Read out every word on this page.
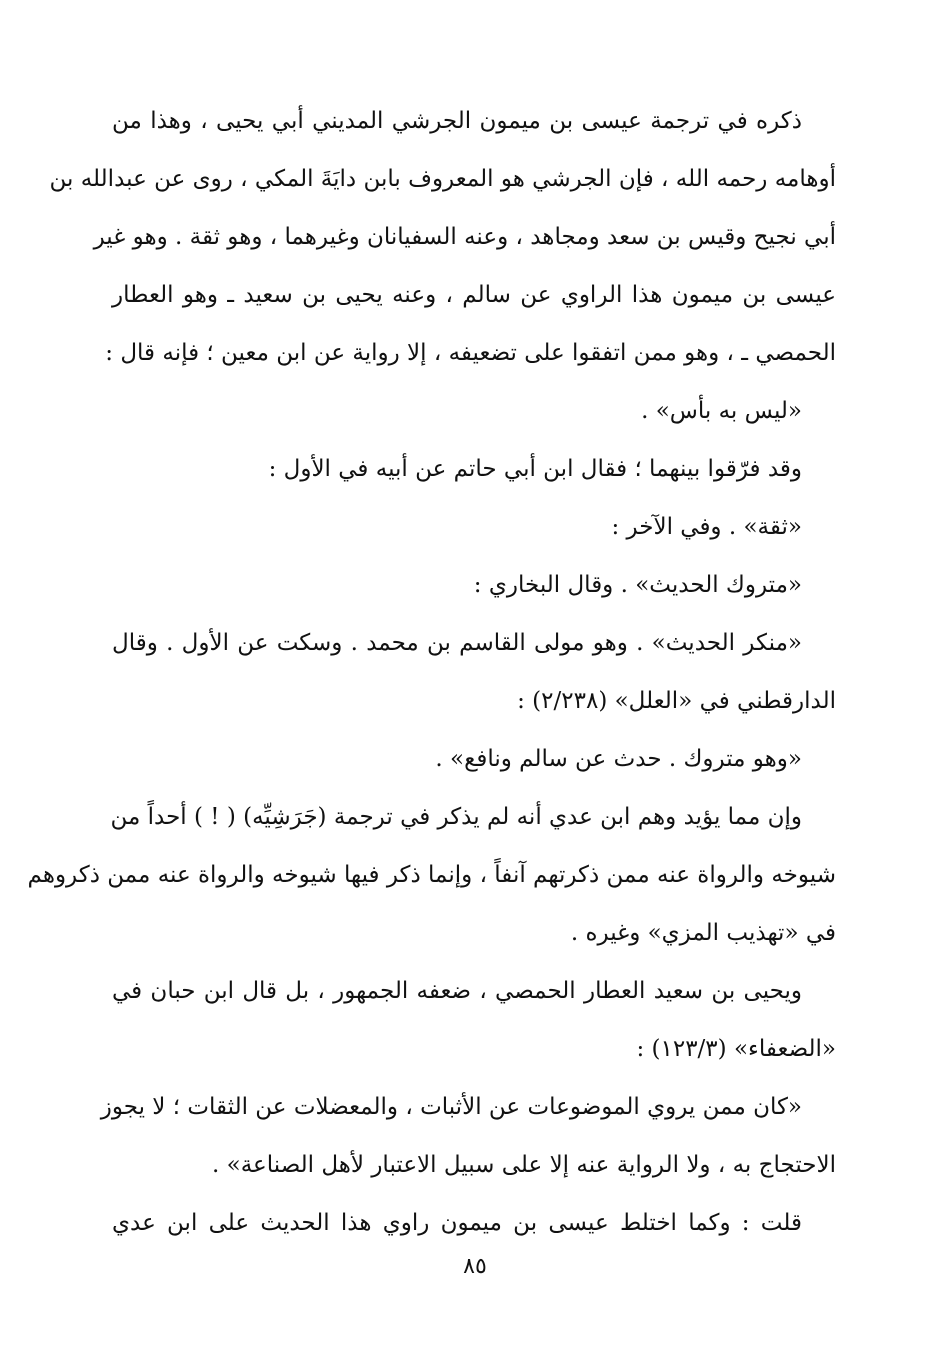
ذكره في ترجمة عيسى بن ميمون الجرشي المديني أبي يحيى ، وهذا من
أوهامه رحمه الله ، فإن الجرشي هو المعروف بابن دايَةَ المكي ، روى عن عبدالله بن
أبي نجيح وقيس بن سعد ومجاهد ، وعنه السفيانان وغيرهما ، وهو ثقة . وهو غير
عيسى بن ميمون هذا الراوي عن سالم ، وعنه يحيى بن سعيد ـ وهو العطار
الحمصي ـ ، وهو ممن اتفقوا على تضعيفه ، إلا رواية عن ابن معين ؛ فإنه قال :
«ليس به بأس» .
وقد فرّقوا بينهما ؛ فقال ابن أبي حاتم عن أبيه في الأول :
«ثقة» . وفي الآخر :
«متروك الحديث» . وقال البخاري :
«منكر الحديث» . وهو مولى القاسم بن محمد . وسكت عن الأول . وقال
الدارقطني في «العلل» (٢/٢٣٨) :
«وهو متروك . حدث عن سالم ونافع» .
وإن مما يؤيد وهم ابن عدي أنه لم يذكر في ترجمة (جَرَشِيِّه) ( ! ) أحداً من
شيوخه والرواة عنه ممن ذكرتهم آنفاً ، وإنما ذكر فيها شيوخه والرواة عنه ممن ذكروهم
في «تهذيب المزي» وغيره .
ويحيى بن سعيد العطار الحمصي ، ضعفه الجمهور ، بل قال ابن حبان في
«الضعفاء» (١٢٣/٣) :
«كان ممن يروي الموضوعات عن الأثبات ، والمعضلات عن الثقات ؛ لا يجوز
الاحتجاج به ، ولا الرواية عنه إلا على سبيل الاعتبار لأهل الصناعة» .
قلت : وكما اختلط عيسى بن ميمون راوي هذا الحديث على ابن عدي
٨٥
